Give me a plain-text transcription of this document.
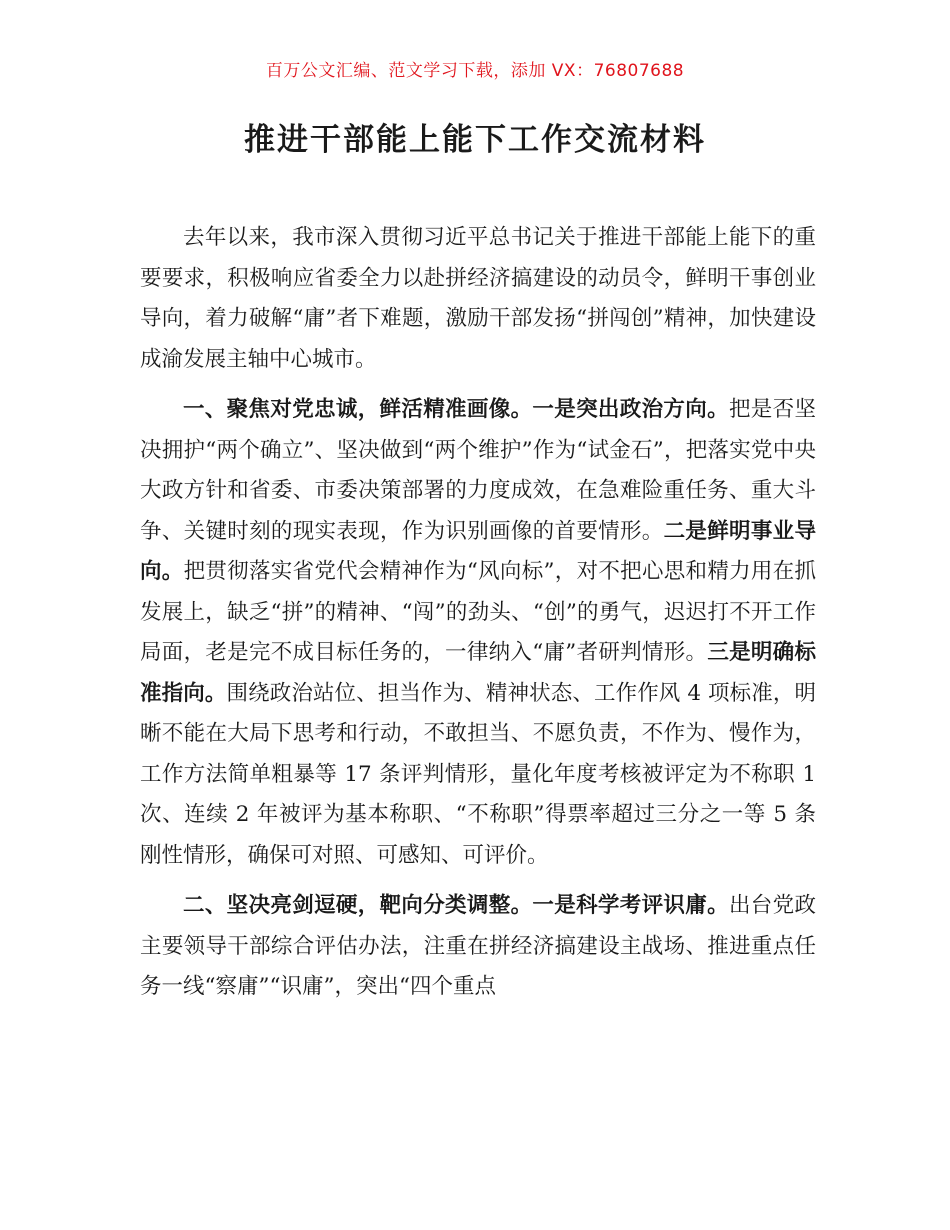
百万公文汇编、范文学习下载，添加 VX：76807688
推进干部能上能下工作交流材料

去年以来，我市深入贯彻习近平总书记关于推进干部能上能下的重要要求，积极响应省委全力以赴拼经济搞建设的动员令，鲜明干事创业导向，着力破解“庸”者下难题，激励干部发扬“拼闯创”精神，加快建设成渝发展主轴中心城市。

一、聚焦对党忠诚，鲜活精准画像。一是突出政治方向。把是否坚决拥护“两个确立”、坚决做到“两个维护”作为“试金石”，把落实党中央大政方针和省委、市委决策部署的力度成效，在急难险重任务、重大斗争、关键时刻的现实表现，作为识别画像的首要情形。二是鲜明事业导向。把贯彻落实省党代会精神作为“风向标”，对不把心思和精力用在抓发展上，缺乏“拼”的精神、“闯”的劲头、“创”的勇气，迟迟打不开工作局面，老是完不成目标任务的，一律纳入“庸”者研判情形。三是明确标准指向。围绕政治站位、担当作为、精神状态、工作作风 4 项标准，明晰不能在大局下思考和行动，不敢担当、不愿负责，不作为、慢作为，工作方法简单粗暴等 17 条评判情形，量化年度考核被评定为不称职 1 次、连续 2 年被评为基本称职、“不称职”得票率超过三分之一等 5 条刚性情形，确保可对照、可感知、可评价。

二、坚决亮剑逗硬，靶向分类调整。一是科学考评识庸。出台党政主要领导干部综合评估办法，注重在拼经济搞建设主战场、推进重点任务一线“察庸”“识庸”，突出“四个重点
